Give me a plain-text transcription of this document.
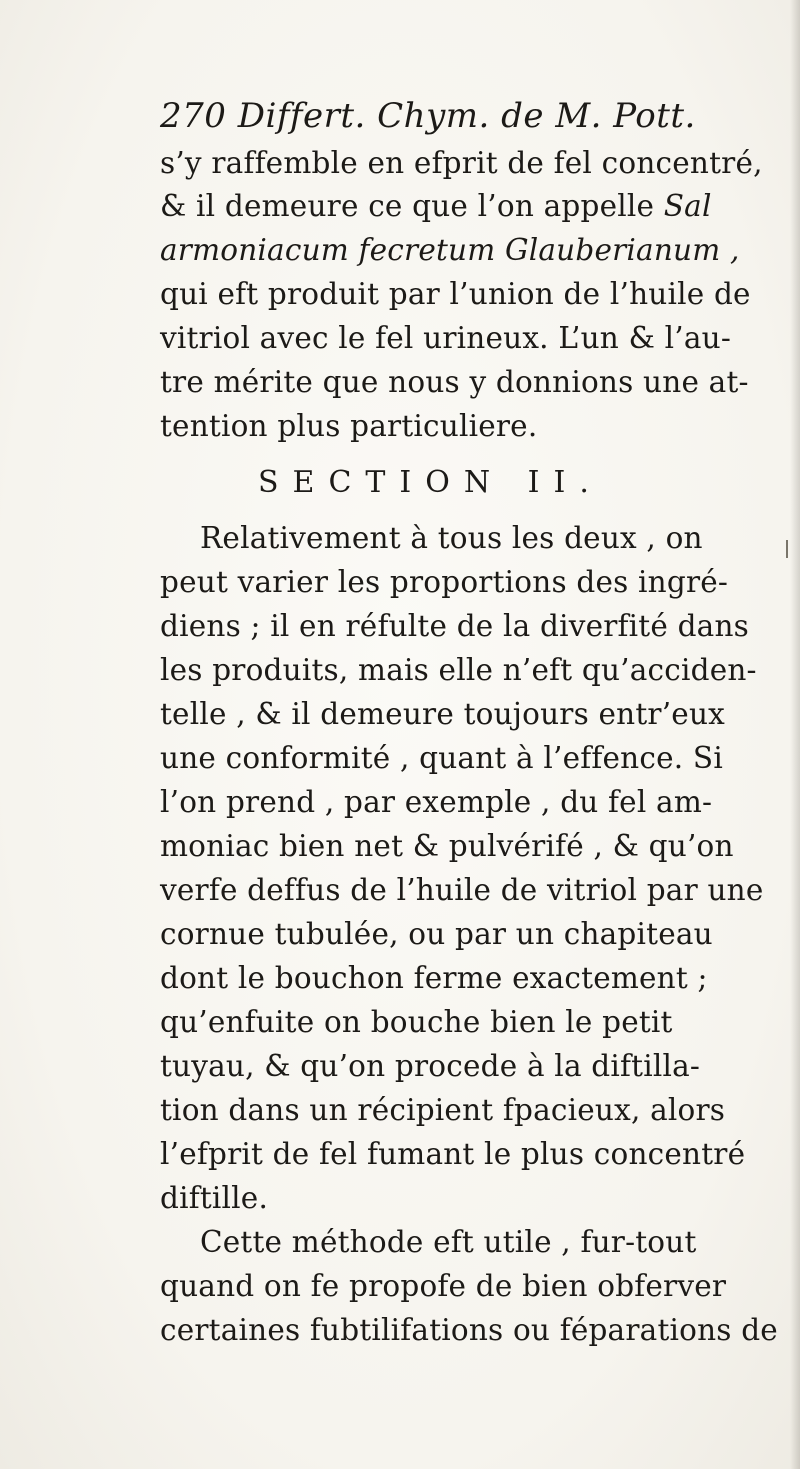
270 Differt. Chym. de M. Pott.
s’y raffemble en efprit de fel concentré,
& il demeure ce que l’on appelle Sal
armoniacum fecretum Glauberianum ,
qui eft produit par l’union de l’huile de
vitriol avec le fel urineux. L’un & l’au-
tre mérite que nous y donnions une at-
tention plus particuliere.
SECTION II.
Relativement à tous les deux , on
peut varier les proportions des ingré-
diens ; il en réfulte de la diverfité dans
les produits, mais elle n’eft qu’acciden-
telle , & il demeure toujours entr’eux
une conformité , quant à l’effence. Si
l’on prend , par exemple , du fel am-
moniac bien net & pulvérifé , & qu’on
verfe deffus de l’huile de vitriol par une
cornue tubulée, ou par un chapiteau
dont le bouchon ferme exactement ;
qu’enfuite on bouche bien le petit
tuyau, & qu’on procede à la diftilla-
tion dans un récipient fpacieux, alors
l’efprit de fel fumant le plus concentré
diftille.
Cette méthode eft utile , fur-tout
quand on fe propofe de bien obferver
certaines fubtilifations ou féparations de
